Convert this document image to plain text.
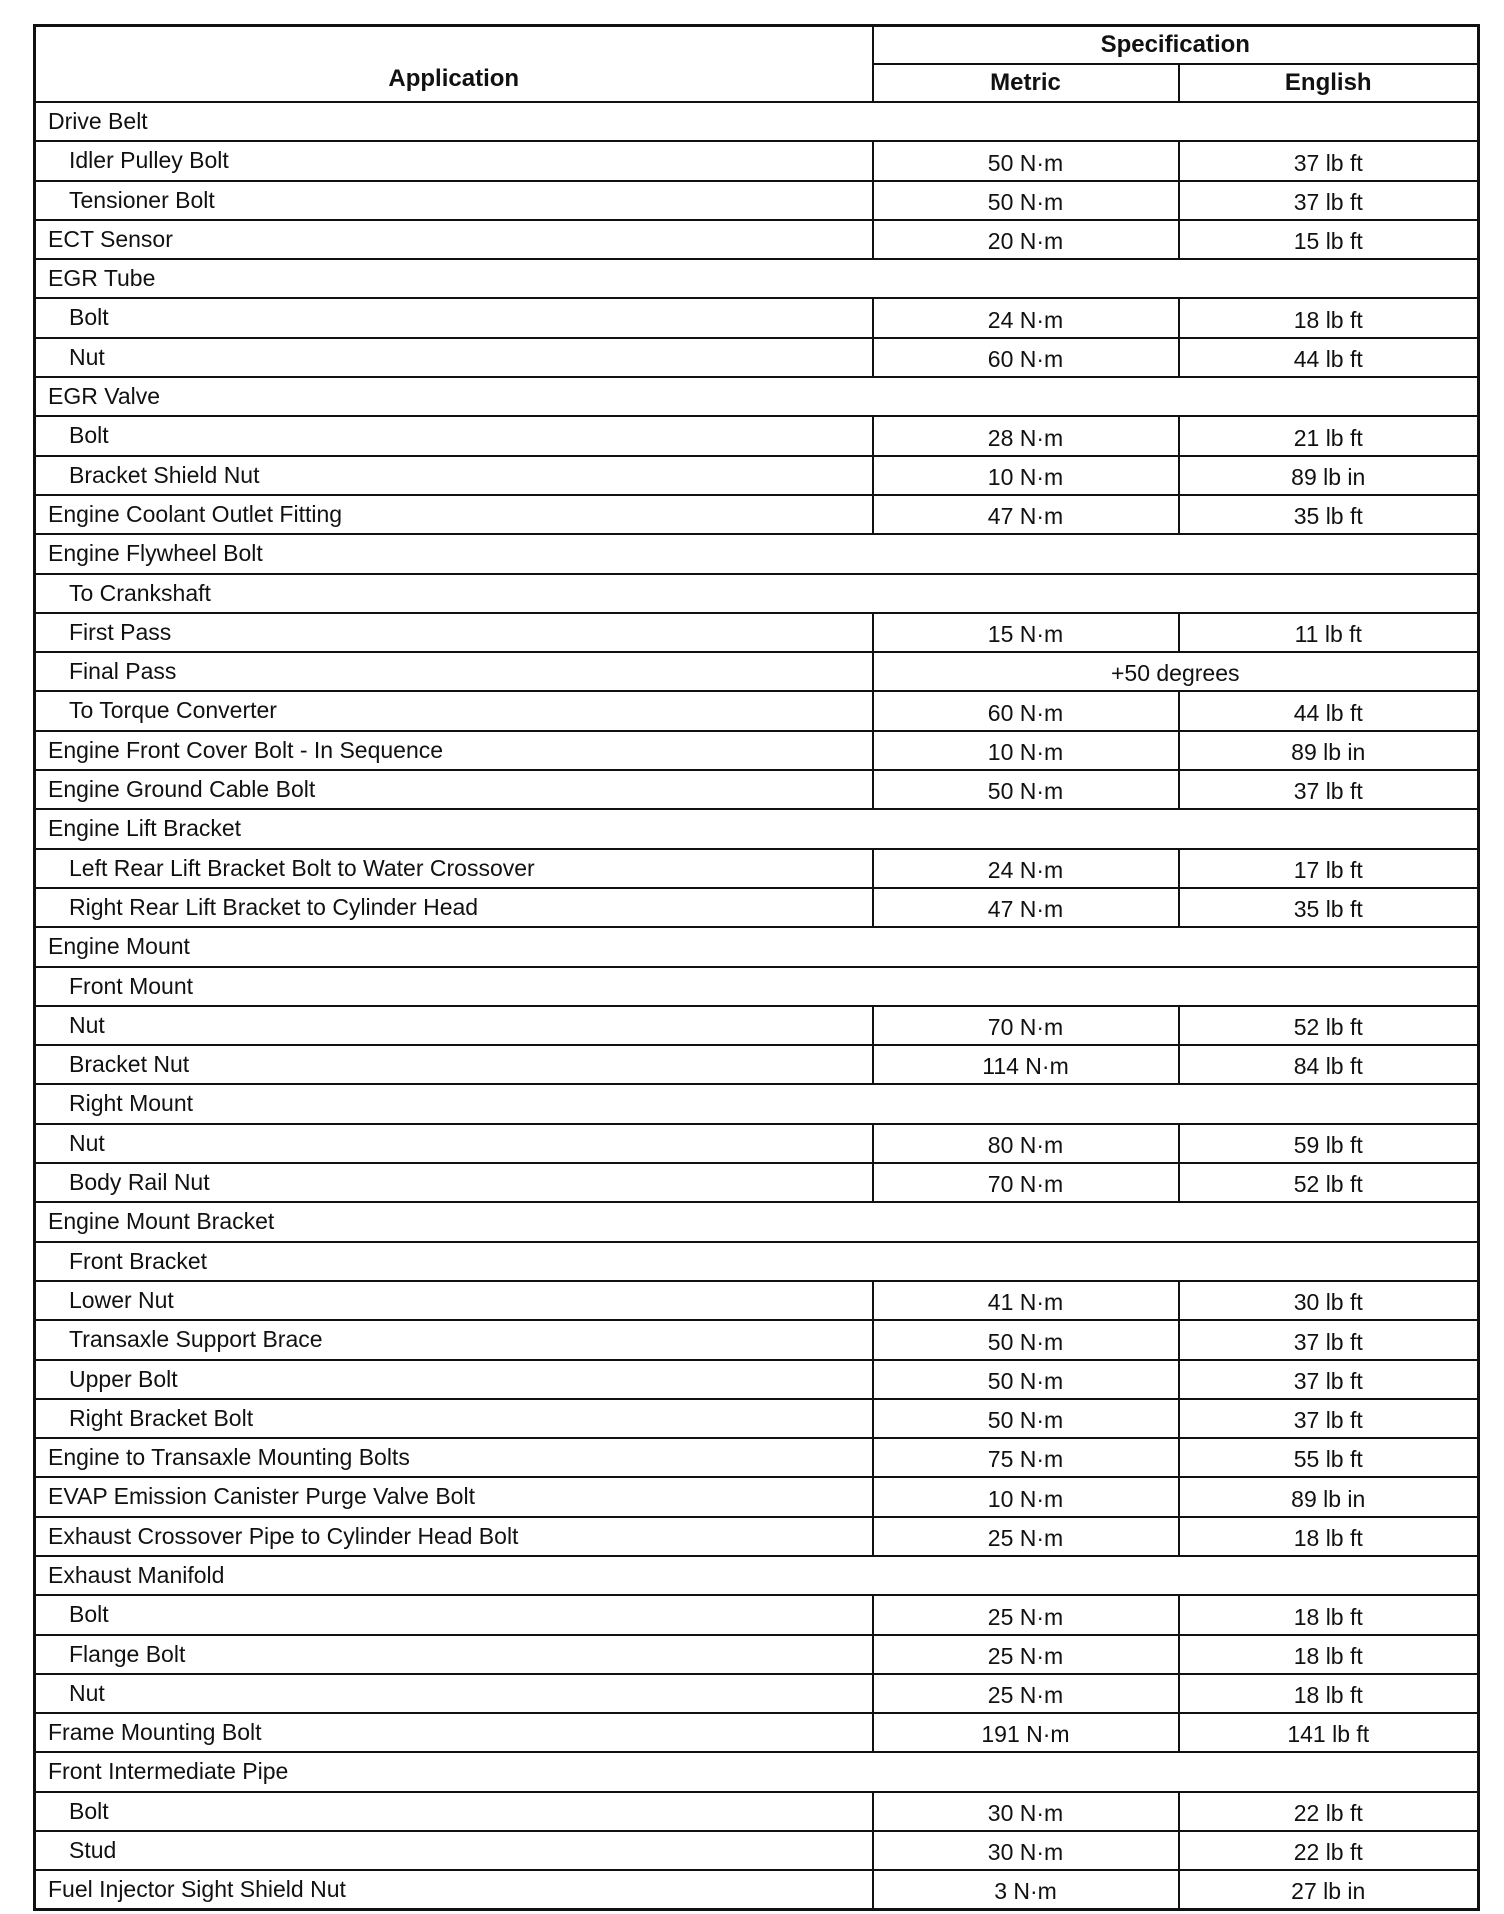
Application	Specification	
	Metric	English
Drive Belt		
Idler Pulley Bolt	50 N·m	37 lb ft
Tensioner Bolt	50 N·m	37 lb ft
ECT Sensor	20 N·m	15 lb ft
EGR Tube		
Bolt	24 N·m	18 lb ft
Nut	60 N·m	44 lb ft
EGR Valve		
Bolt	28 N·m	21 lb ft
Bracket Shield Nut	10 N·m	89 lb in
Engine Coolant Outlet Fitting	47 N·m	35 lb ft
Engine Flywheel Bolt		
To Crankshaft		
First Pass	15 N·m	11 lb ft
Final Pass	+50 degrees	
To Torque Converter	60 N·m	44 lb ft
Engine Front Cover Bolt - In Sequence	10 N·m	89 lb in
Engine Ground Cable Bolt	50 N·m	37 lb ft
Engine Lift Bracket		
Left Rear Lift Bracket Bolt to Water Crossover	24 N·m	17 lb ft
Right Rear Lift Bracket to Cylinder Head	47 N·m	35 lb ft
Engine Mount		
Front Mount		
Nut	70 N·m	52 lb ft
Bracket Nut	114 N·m	84 lb ft
Right Mount		
Nut	80 N·m	59 lb ft
Body Rail Nut	70 N·m	52 lb ft
Engine Mount Bracket		
Front Bracket		
Lower Nut	41 N·m	30 lb ft
Transaxle Support Brace	50 N·m	37 lb ft
Upper Bolt	50 N·m	37 lb ft
Right Bracket Bolt	50 N·m	37 lb ft
Engine to Transaxle Mounting Bolts	75 N·m	55 lb ft
EVAP Emission Canister Purge Valve Bolt	10 N·m	89 lb in
Exhaust Crossover Pipe to Cylinder Head Bolt	25 N·m	18 lb ft
Exhaust Manifold		
Bolt	25 N·m	18 lb ft
Flange Bolt	25 N·m	18 lb ft
Nut	25 N·m	18 lb ft
Frame Mounting Bolt	191 N·m	141 lb ft
Front Intermediate Pipe		
Bolt	30 N·m	22 lb ft
Stud	30 N·m	22 lb ft
Fuel Injector Sight Shield Nut	3 N·m	27 lb in
